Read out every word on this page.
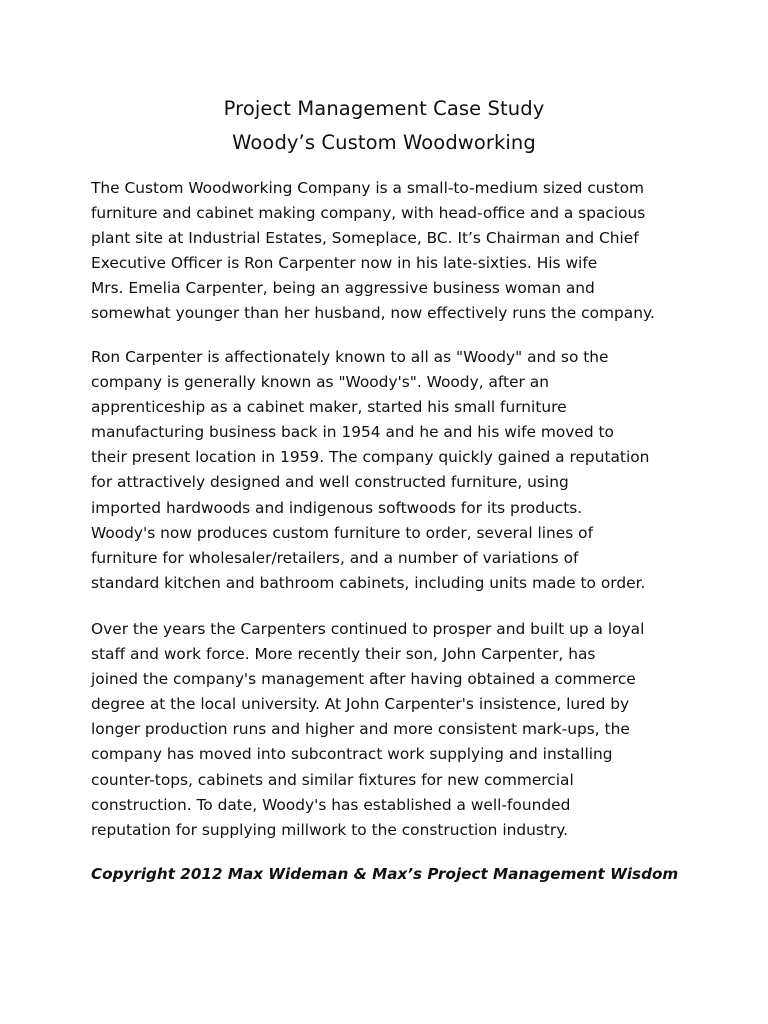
Project Management Case Study
Woody’s Custom Woodworking

The Custom Woodworking Company is a small-to-medium sized custom
furniture and cabinet making company, with head-office and a spacious
plant site at Industrial Estates, Someplace, BC. It’s Chairman and Chief
Executive Officer is Ron Carpenter now in his late-sixties. His wife
Mrs. Emelia Carpenter, being an aggressive business woman and
somewhat younger than her husband, now effectively runs the company.

Ron Carpenter is affectionately known to all as "Woody" and so the
company is generally known as "Woody's". Woody, after an
apprenticeship as a cabinet maker, started his small furniture
manufacturing business back in 1954 and he and his wife moved to
their present location in 1959. The company quickly gained a reputation
for attractively designed and well constructed furniture, using
imported hardwoods and indigenous softwoods for its products.
Woody's now produces custom furniture to order, several lines of
furniture for wholesaler/retailers, and a number of variations of
standard kitchen and bathroom cabinets, including units made to order.

Over the years the Carpenters continued to prosper and built up a loyal
staff and work force. More recently their son, John Carpenter, has
joined the company's management after having obtained a commerce
degree at the local university. At John Carpenter's insistence, lured by
longer production runs and higher and more consistent mark-ups, the
company has moved into subcontract work supplying and installing
counter-tops, cabinets and similar fixtures for new commercial
construction. To date, Woody's has established a well-founded
reputation for supplying millwork to the construction industry.

Copyright 2012 Max Wideman & Max’s Project Management Wisdom
